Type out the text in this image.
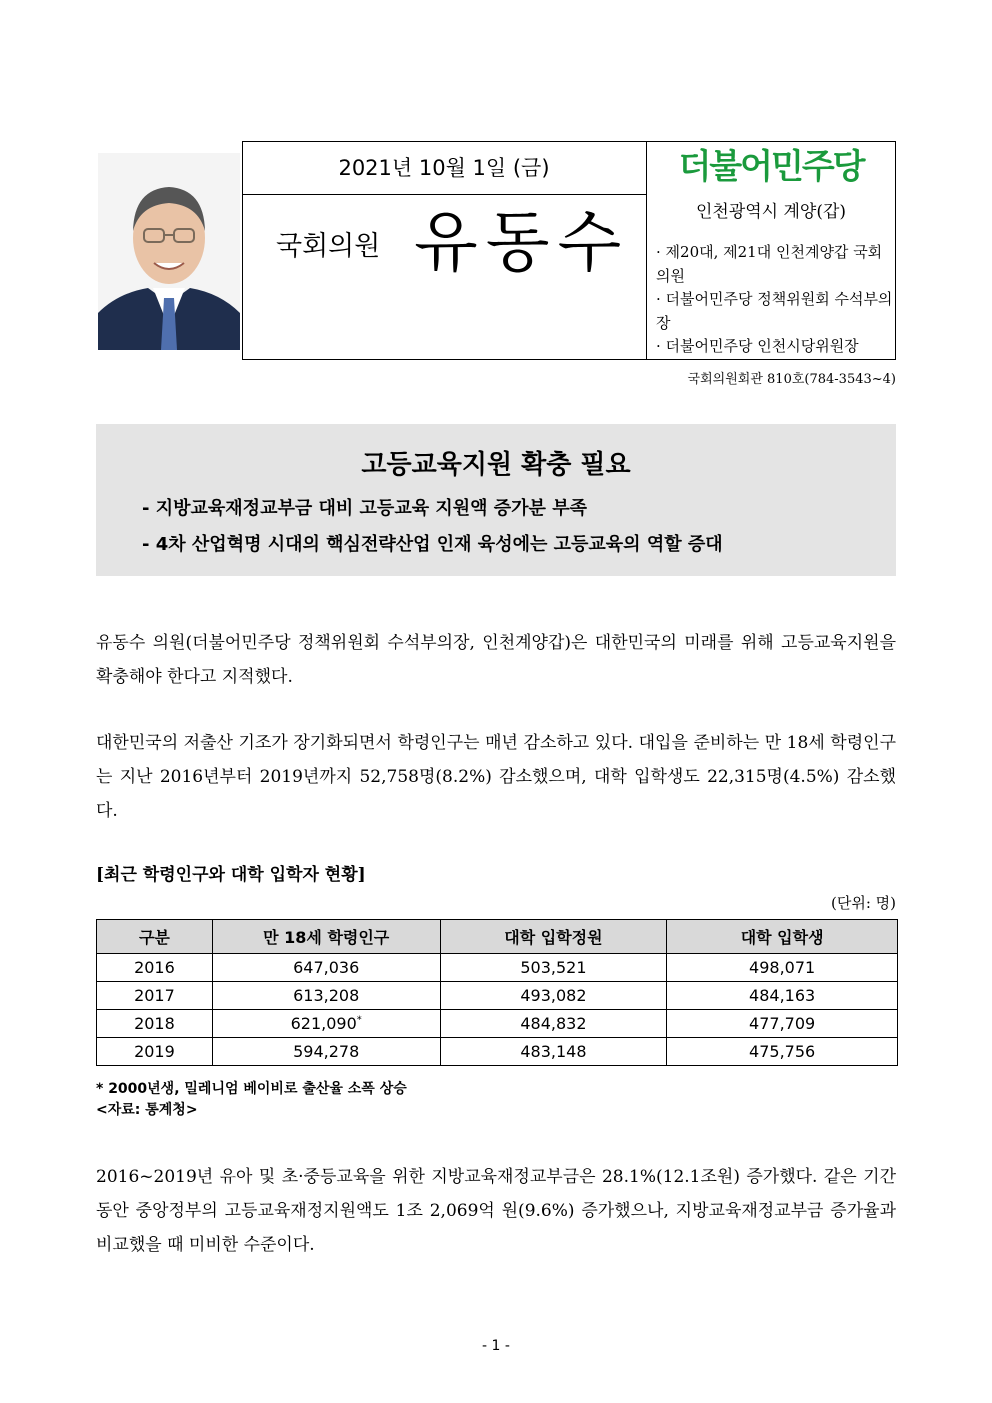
2021년 10월 1일 (금)
국회의원 유동수
더불어민주당
인천광역시 계양(갑)
· 제20대, 제21대 인천계양갑 국회의원
· 더불어민주당 정책위원회 수석부의장
· 더불어민주당 인천시당위원장
국회의원회관 810호(784-3543~4)
고등교육지원 확충 필요
- 지방교육재정교부금 대비 고등교육 지원액 증가분 부족
- 4차 산업혁명 시대의 핵심전략산업 인재 육성에는 고등교육의 역할 증대
유동수 의원(더불어민주당 정책위원회 수석부의장, 인천계양갑)은 대한민국의 미래를 위해 고등교육지원을 확충해야 한다고 지적했다.
대한민국의 저출산 기조가 장기화되면서 학령인구는 매년 감소하고 있다. 대입을 준비하는 만 18세 학령인구는 지난 2016년부터 2019년까지 52,758명(8.2%) 감소했으며, 대학 입학생도 22,315명(4.5%) 감소했다.
[최근 학령인구와 대학 입학자 현황]
(단위: 명)
구분	만 18세 학령인구	대학 입학정원	대학 입학생
2016	647,036	503,521	498,071
2017	613,208	493,082	484,163
2018	621,090*	484,832	477,709
2019	594,278	483,148	475,756
* 2000년생, 밀레니엄 베이비로 출산율 소폭 상승
<자료: 통계청>
2016~2019년 유아 및 초·중등교육을 위한 지방교육재정교부금은 28.1%(12.1조원) 증가했다. 같은 기간 동안 중앙정부의 고등교육재정지원액도 1조 2,069억 원(9.6%) 증가했으나, 지방교육재정교부금 증가율과 비교했을 때 미비한 수준이다.
- 1 -
